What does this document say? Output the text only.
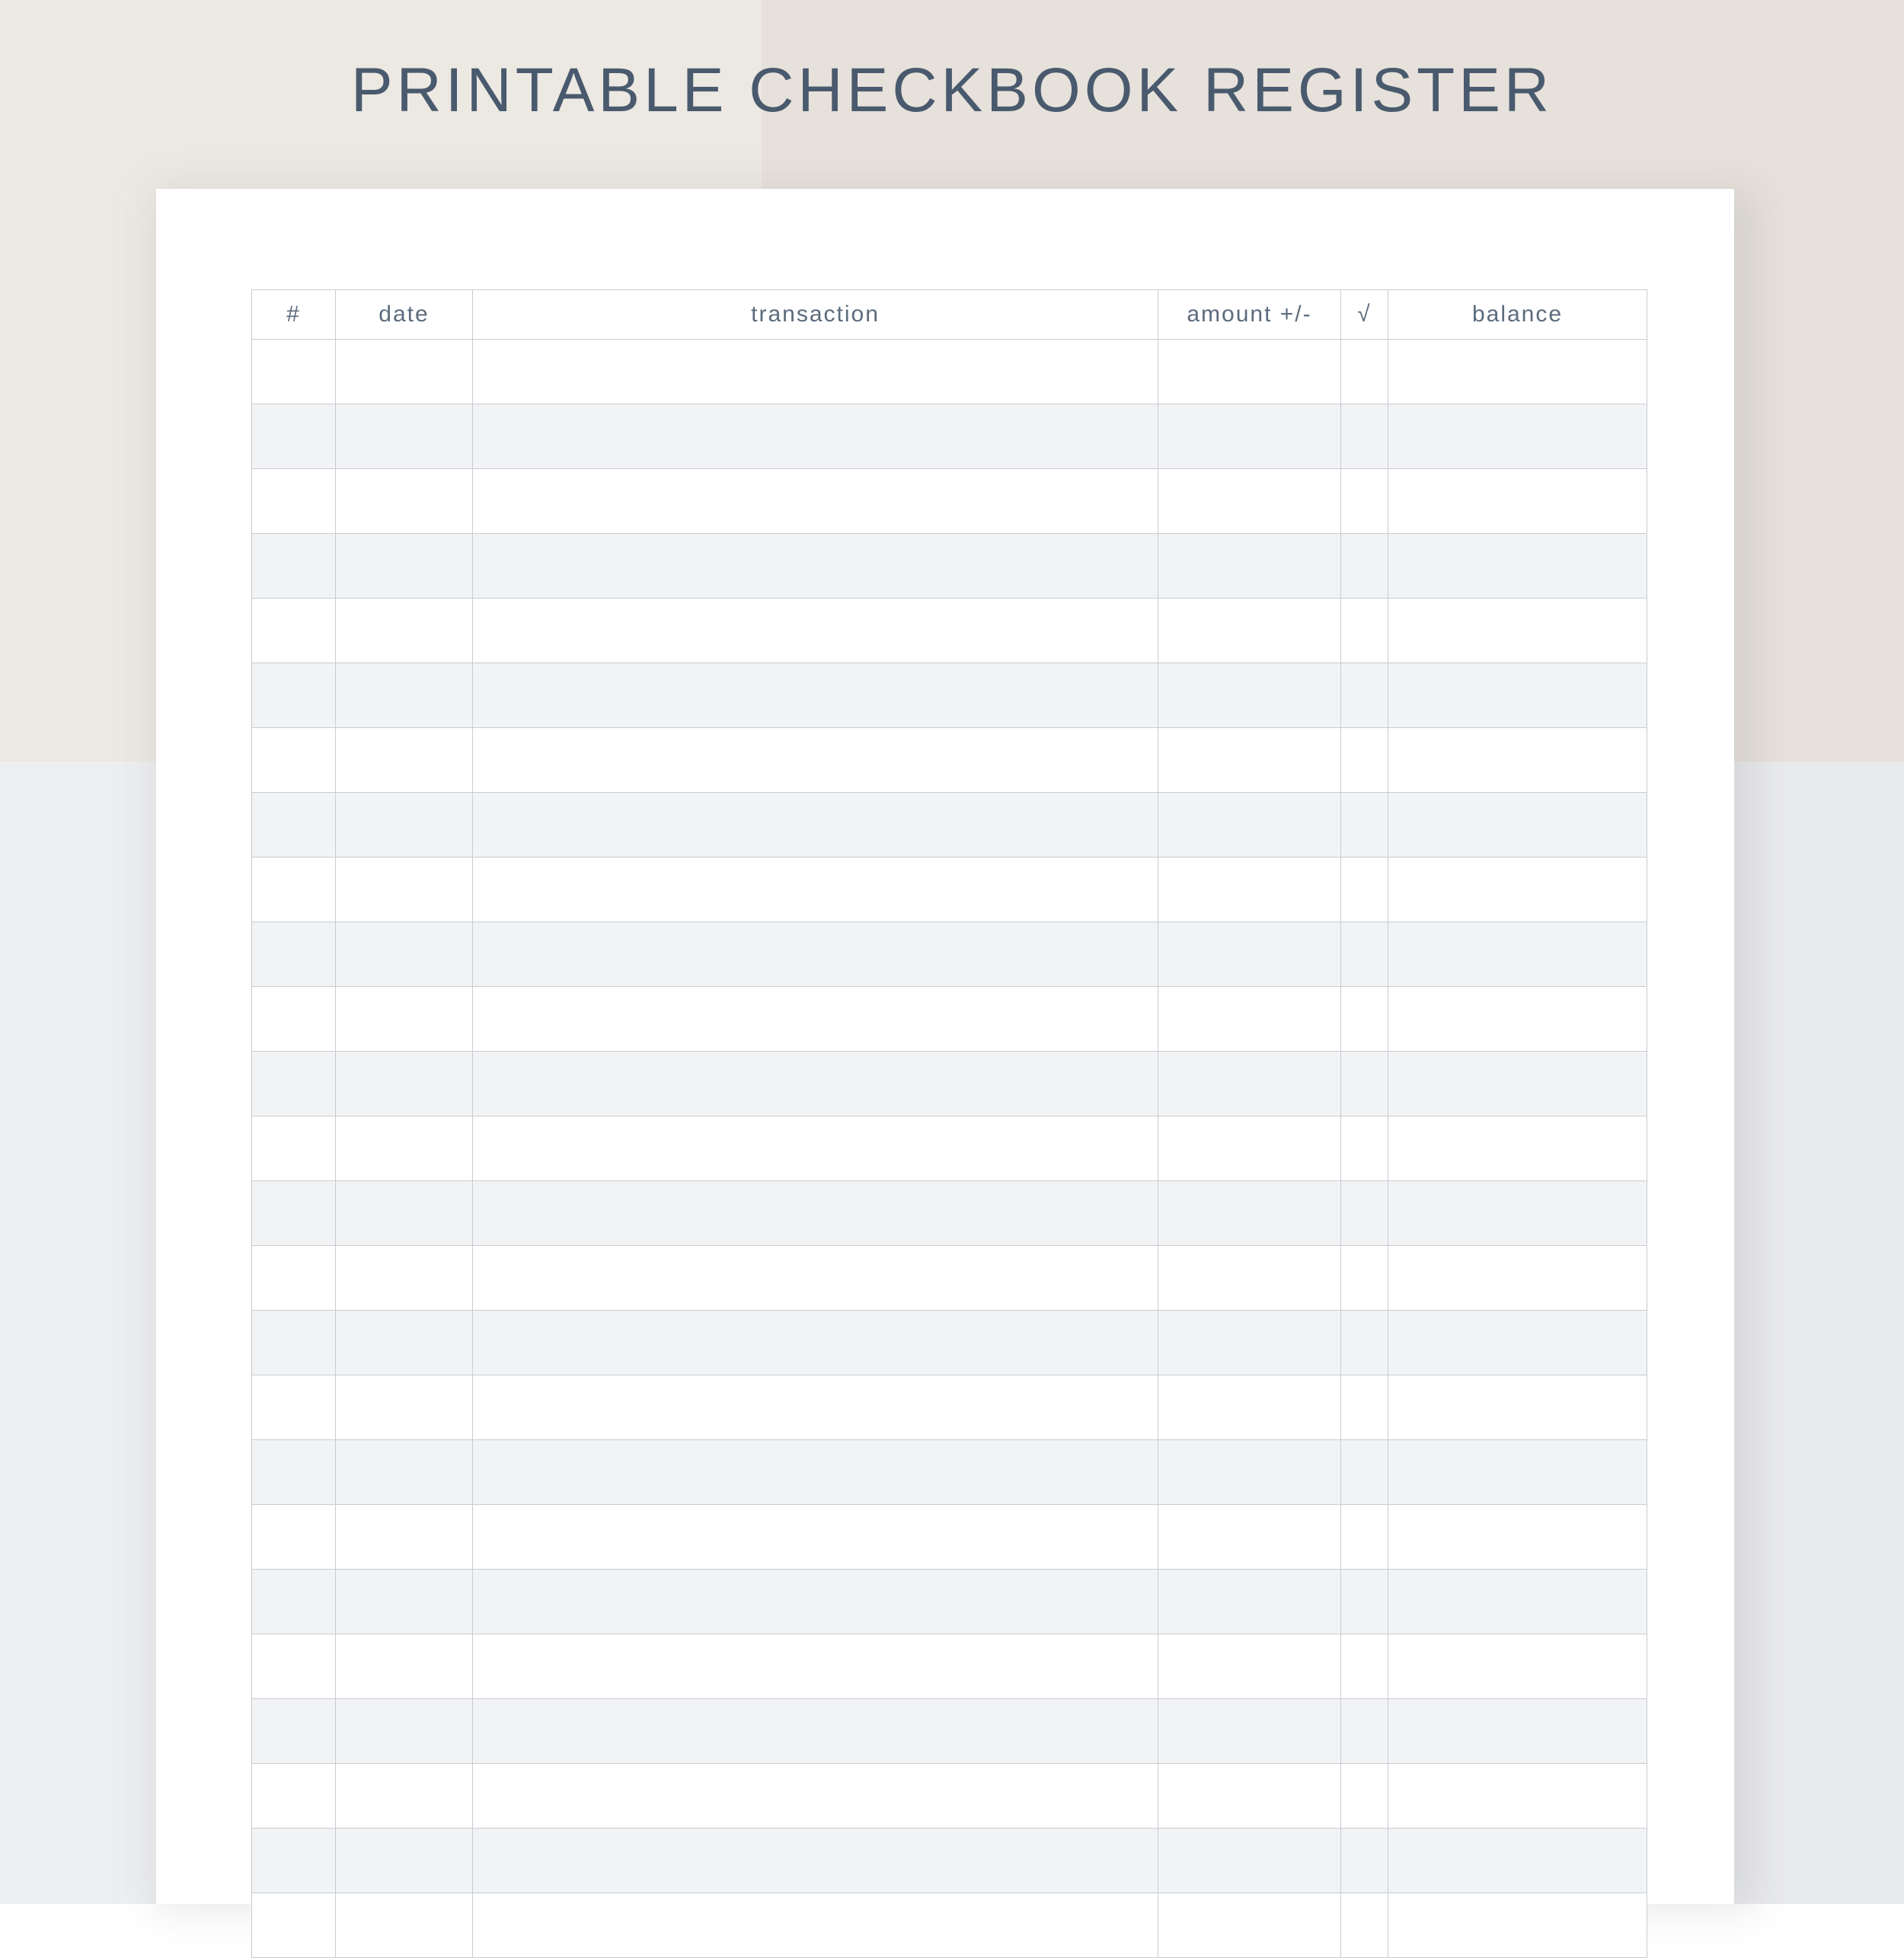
PRINTABLE CHECKBOOK REGISTER
#	date	transaction	amount +/-	√	balance
